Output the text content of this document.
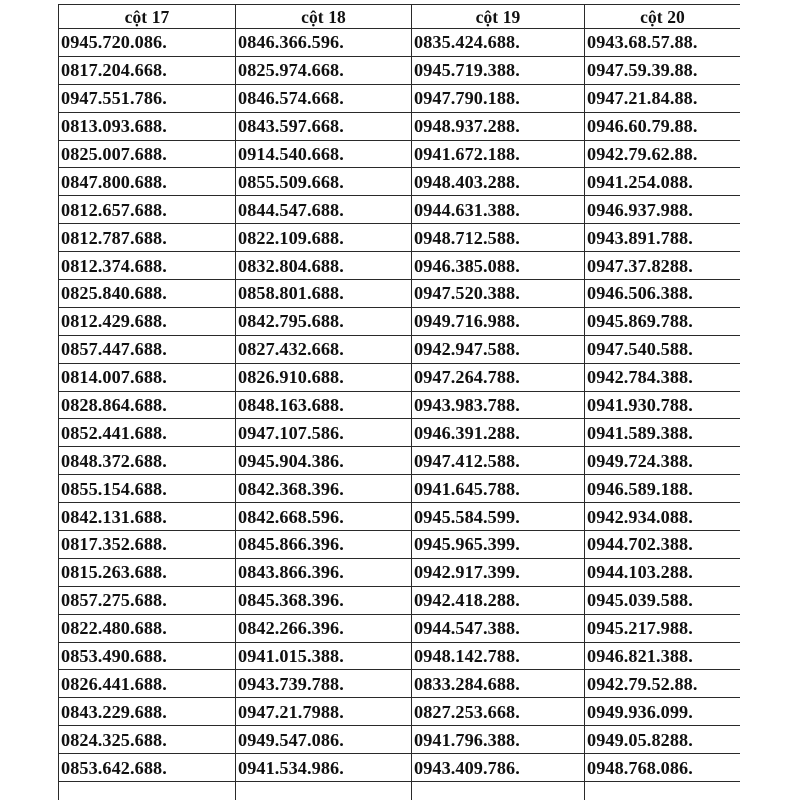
cột 17	cột 18	cột 19	cột 20
0945.720.086.	0846.366.596.	0835.424.688.	0943.68.57.88.
0817.204.668.	0825.974.668.	0945.719.388.	0947.59.39.88.
0947.551.786.	0846.574.668.	0947.790.188.	0947.21.84.88.
0813.093.688.	0843.597.668.	0948.937.288.	0946.60.79.88.
0825.007.688.	0914.540.668.	0941.672.188.	0942.79.62.88.
0847.800.688.	0855.509.668.	0948.403.288.	0941.254.088.
0812.657.688.	0844.547.688.	0944.631.388.	0946.937.988.
0812.787.688.	0822.109.688.	0948.712.588.	0943.891.788.
0812.374.688.	0832.804.688.	0946.385.088.	0947.37.8288.
0825.840.688.	0858.801.688.	0947.520.388.	0946.506.388.
0812.429.688.	0842.795.688.	0949.716.988.	0945.869.788.
0857.447.688.	0827.432.668.	0942.947.588.	0947.540.588.
0814.007.688.	0826.910.688.	0947.264.788.	0942.784.388.
0828.864.688.	0848.163.688.	0943.983.788.	0941.930.788.
0852.441.688.	0947.107.586.	0946.391.288.	0941.589.388.
0848.372.688.	0945.904.386.	0947.412.588.	0949.724.388.
0855.154.688.	0842.368.396.	0941.645.788.	0946.589.188.
0842.131.688.	0842.668.596.	0945.584.599.	0942.934.088.
0817.352.688.	0845.866.396.	0945.965.399.	0944.702.388.
0815.263.688.	0843.866.396.	0942.917.399.	0944.103.288.
0857.275.688.	0845.368.396.	0942.418.288.	0945.039.588.
0822.480.688.	0842.266.396.	0944.547.388.	0945.217.988.
0853.490.688.	0941.015.388.	0948.142.788.	0946.821.388.
0826.441.688.	0943.739.788.	0833.284.688.	0942.79.52.88.
0843.229.688.	0947.21.7988.	0827.253.668.	0949.936.099.
0824.325.688.	0949.547.086.	0941.796.388.	0949.05.8288.
0853.642.688.	0941.534.986.	0943.409.786.	0948.768.086.
